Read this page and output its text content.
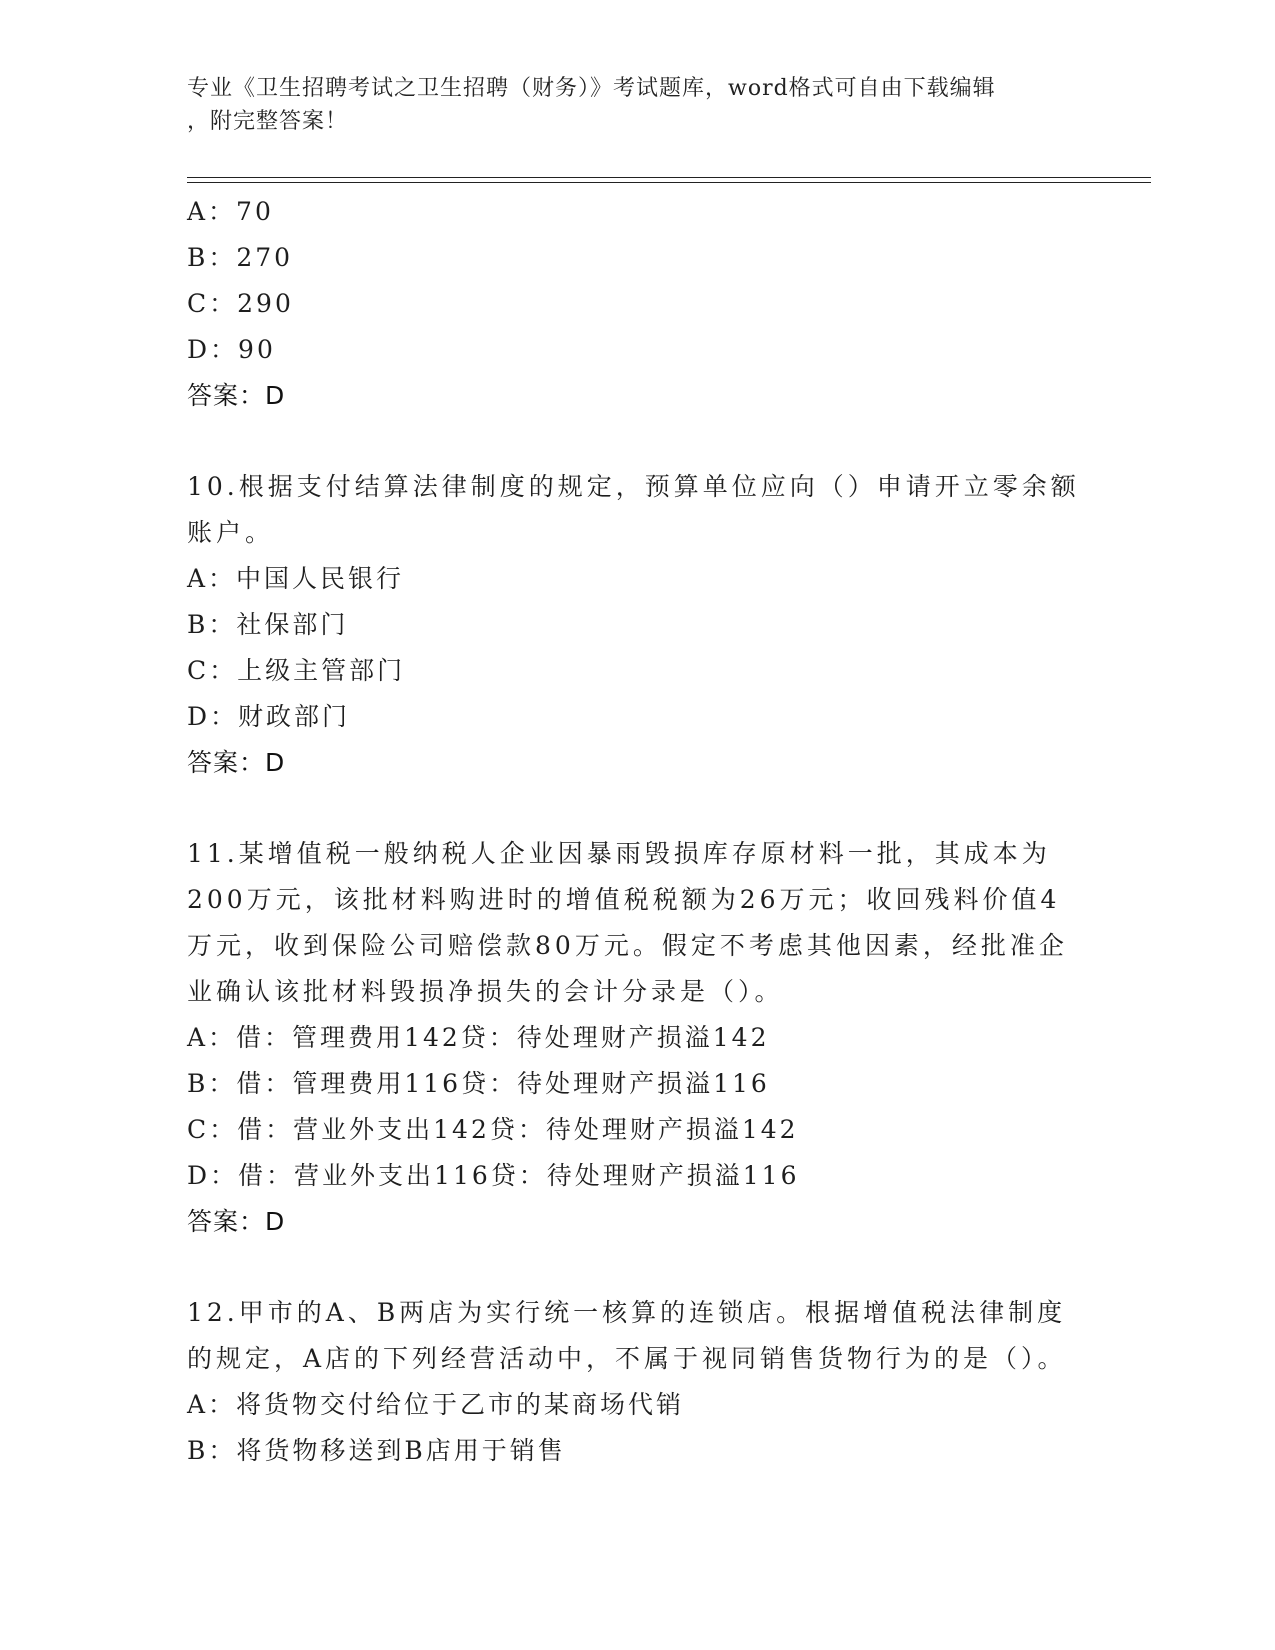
专业《卫生招聘考试之卫生招聘（财务）》考试题库，word格式可自由下载编辑
，附完整答案！
A：70
B：270
C：290
D：90
答案：D
10.根据支付结算法律制度的规定，预算单位应向（）申请开立零余额
账户。
A：中国人民银行
B：社保部门
C：上级主管部门
D：财政部门
答案：D
11.某增值税一般纳税人企业因暴雨毁损库存原材料一批，其成本为
200万元，该批材料购进时的增值税税额为26万元；收回残料价值4
万元，收到保险公司赔偿款80万元。假定不考虑其他因素，经批准企
业确认该批材料毁损净损失的会计分录是（）。
A：借：管理费用142贷：待处理财产损溢142
B：借：管理费用116贷：待处理财产损溢116
C：借：营业外支出142贷：待处理财产损溢142
D：借：营业外支出116贷：待处理财产损溢116
答案：D
12.甲市的A、B两店为实行统一核算的连锁店。根据增值税法律制度
的规定，A店的下列经营活动中，不属于视同销售货物行为的是（）。
A：将货物交付给位于乙市的某商场代销
B：将货物移送到B店用于销售
